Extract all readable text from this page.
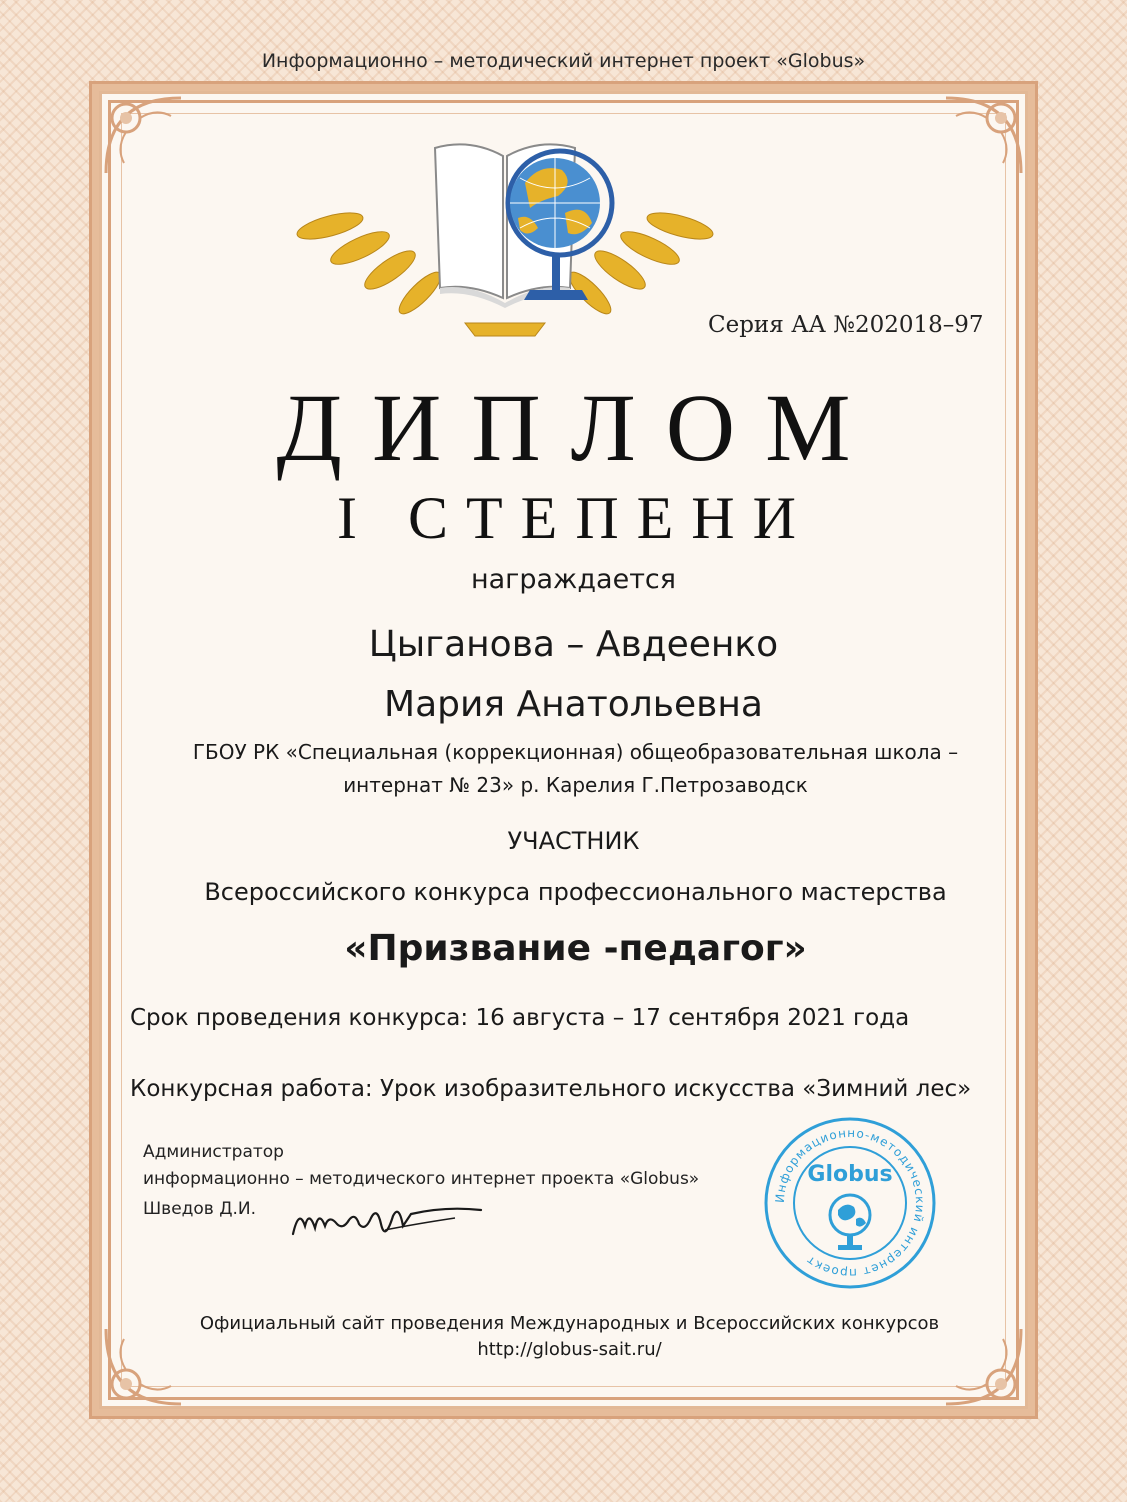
Информационно – методический интернет проект «Globus»
Серия АА №202018–97
ДИПЛОМ
I СТЕПЕНИ
награждается
Цыганова – Авдеенко
Мария Анатольевна
ГБОУ РК «Специальная (коррекционная) общеобразовательная школа –
интернат № 23» р. Карелия Г.Петрозаводск
УЧАСТНИК
Всероссийского конкурса профессионального мастерства
«Призвание -педагог»
Срок проведения конкурса: 16 августа – 17 сентября 2021 года
Конкурсная работа: Урок изобразительного искусства «Зимний лес»
Администратор
информационно – методического интернет проекта «Globus»
Шведов Д.И.
Информационно-методический интернет проект
Globus
Официальный сайт проведения Международных и Всероссийских конкурсов
http://globus-sait.ru/
